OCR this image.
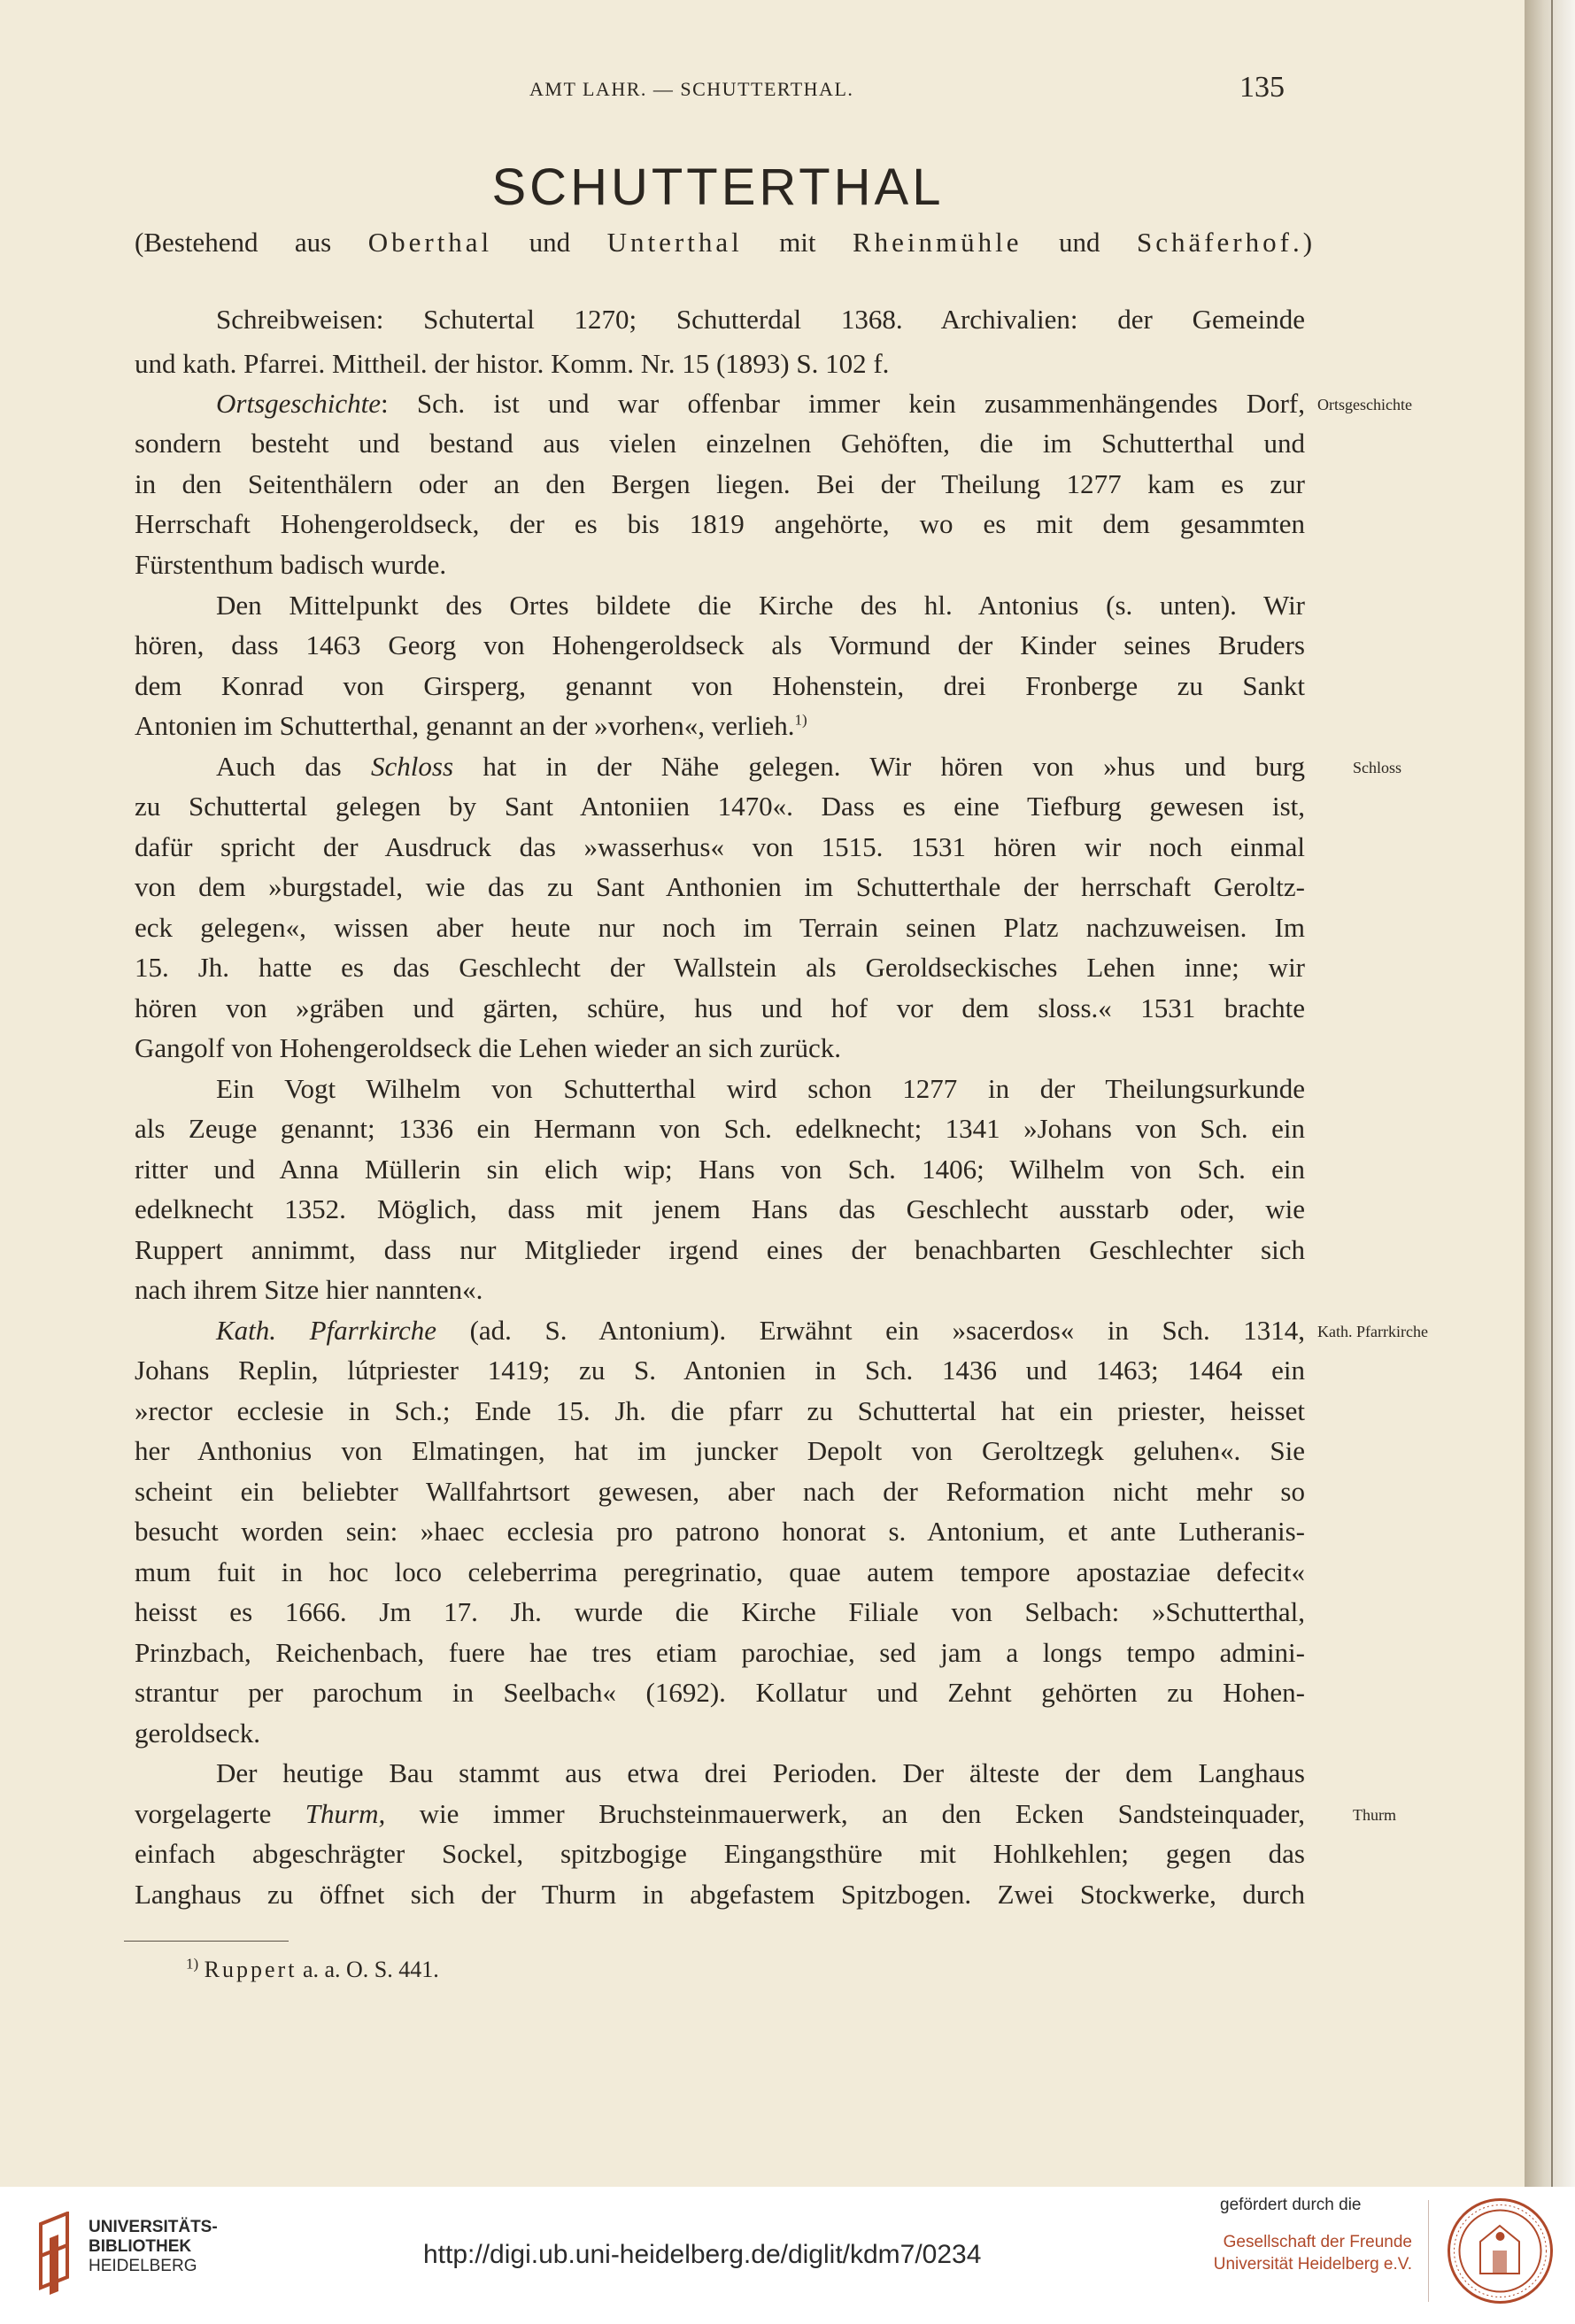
AMT LAHR. — SCHUTTERTHAL.	135
SCHUTTERTHAL
(Bestehend aus Oberthal und Unterthal mit Rheinmühle und Schäferhof.)
Schreibweisen: Schutertal 1270; Schutterdal 1368. Archivalien: der Gemeinde
und kath. Pfarrei. Mittheil. der histor. Komm. Nr. 15 (1893) S. 102 f.
Ortsgeschichte: Sch. ist und war offenbar immer kein zusammenhängendes Dorf,
sondern besteht und bestand aus vielen einzelnen Gehöften, die im Schutterthal und
in den Seitenthälern oder an den Bergen liegen. Bei der Theilung 1277 kam es zur
Herrschaft Hohengeroldseck, der es bis 1819 angehörte, wo es mit dem gesammten
Fürstenthum badisch wurde.
Den Mittelpunkt des Ortes bildete die Kirche des hl. Antonius (s. unten). Wir
hören, dass 1463 Georg von Hohengeroldseck als Vormund der Kinder seines Bruders
dem Konrad von Girsperg, genannt von Hohenstein, drei Fronberge zu Sankt
Antonien im Schutterthal, genannt an der »vorhen«, verlieh.$^{1)}$
Auch das Schloss hat in der Nähe gelegen. Wir hören von »hus und burg
zu Schuttertal gelegen by Sant Antoniien 1470«. Dass es eine Tiefburg gewesen ist,
dafür spricht der Ausdruck das »wasserhus« von 1515. 1531 hören wir noch einmal
von dem »burgstadel, wie das zu Sant Anthonien im Schutterthale der herrschaft Geroltz-
eck gelegen«, wissen aber heute nur noch im Terrain seinen Platz nachzuweisen. Im
15. Jh. hatte es das Geschlecht der Wallstein als Geroldseckisches Lehen inne; wir
hören von »gräben und gärten, schüre, hus und hof vor dem sloss.« 1531 brachte
Gangolf von Hohengeroldseck die Lehen wieder an sich zurück.
Ein Vogt Wilhelm von Schutterthal wird schon 1277 in der Theilungsurkunde
als Zeuge genannt; 1336 ein Hermann von Sch. edelknecht; 1341 »Johans von Sch. ein
ritter und Anna Müllerin sin elich wip; Hans von Sch. 1406; Wilhelm von Sch. ein
edelknecht 1352. Möglich, dass mit jenem Hans das Geschlecht ausstarb oder, wie
Ruppert annimmt, dass nur Mitglieder irgend eines der benachbarten Geschlechter sich
nach ihrem Sitze hier nannten«.
Kath. Pfarrkirche (ad. S. Antonium). Erwähnt ein »sacerdos« in Sch. 1314,
Johans Replin, lútpriester 1419; zu S. Antonien in Sch. 1436 und 1463; 1464 ein
»rector ecclesie in Sch.; Ende 15. Jh. die pfarr zu Schuttertal hat ein priester, heisset
her Anthonius von Elmatingen, hat im juncker Depolt von Geroltzegk geluhen«. Sie
scheint ein beliebter Wallfahrtsort gewesen, aber nach der Reformation nicht mehr so
besucht worden sein: »haec ecclesia pro patrono honorat s. Antonium, et ante Lutheranis-
mum fuit in hoc loco celeberrima peregrinatio, quae autem tempore apostaziae defecit«
heisst es 1666. Jm 17. Jh. wurde die Kirche Filiale von Selbach: »Schutterthal,
Prinzbach, Reichenbach, fuere hae tres etiam parochiae, sed jam a longs tempo admini-
strantur per parochum in Seelbach« (1692). Kollatur und Zehnt gehörten zu Hohen-
geroldseck.
Der heutige Bau stammt aus etwa drei Perioden. Der älteste der dem Langhaus
vorgelagerte Thurm, wie immer Bruchsteinmauerwerk, an den Ecken Sandsteinquader,
einfach abgeschrägter Sockel, spitzbogige Eingangsthüre mit Hohlkehlen; gegen das
Langhaus zu öffnet sich der Thurm in abgefastem Spitzbogen. Zwei Stockwerke, durch
Ortsgeschichte
Schloss
Kath. Pfarrkirche
Thurm
$^{1)}$ Ruppert a. a. O. S. 441.
UNIVERSITÄTS-
BIBLIOTHEK
HEIDELBERG	http://digi.ub.uni-heidelberg.de/diglit/kdm7/0234
gefördert durch die
Gesellschaft der Freunde
Universität Heidelberg e.V.
